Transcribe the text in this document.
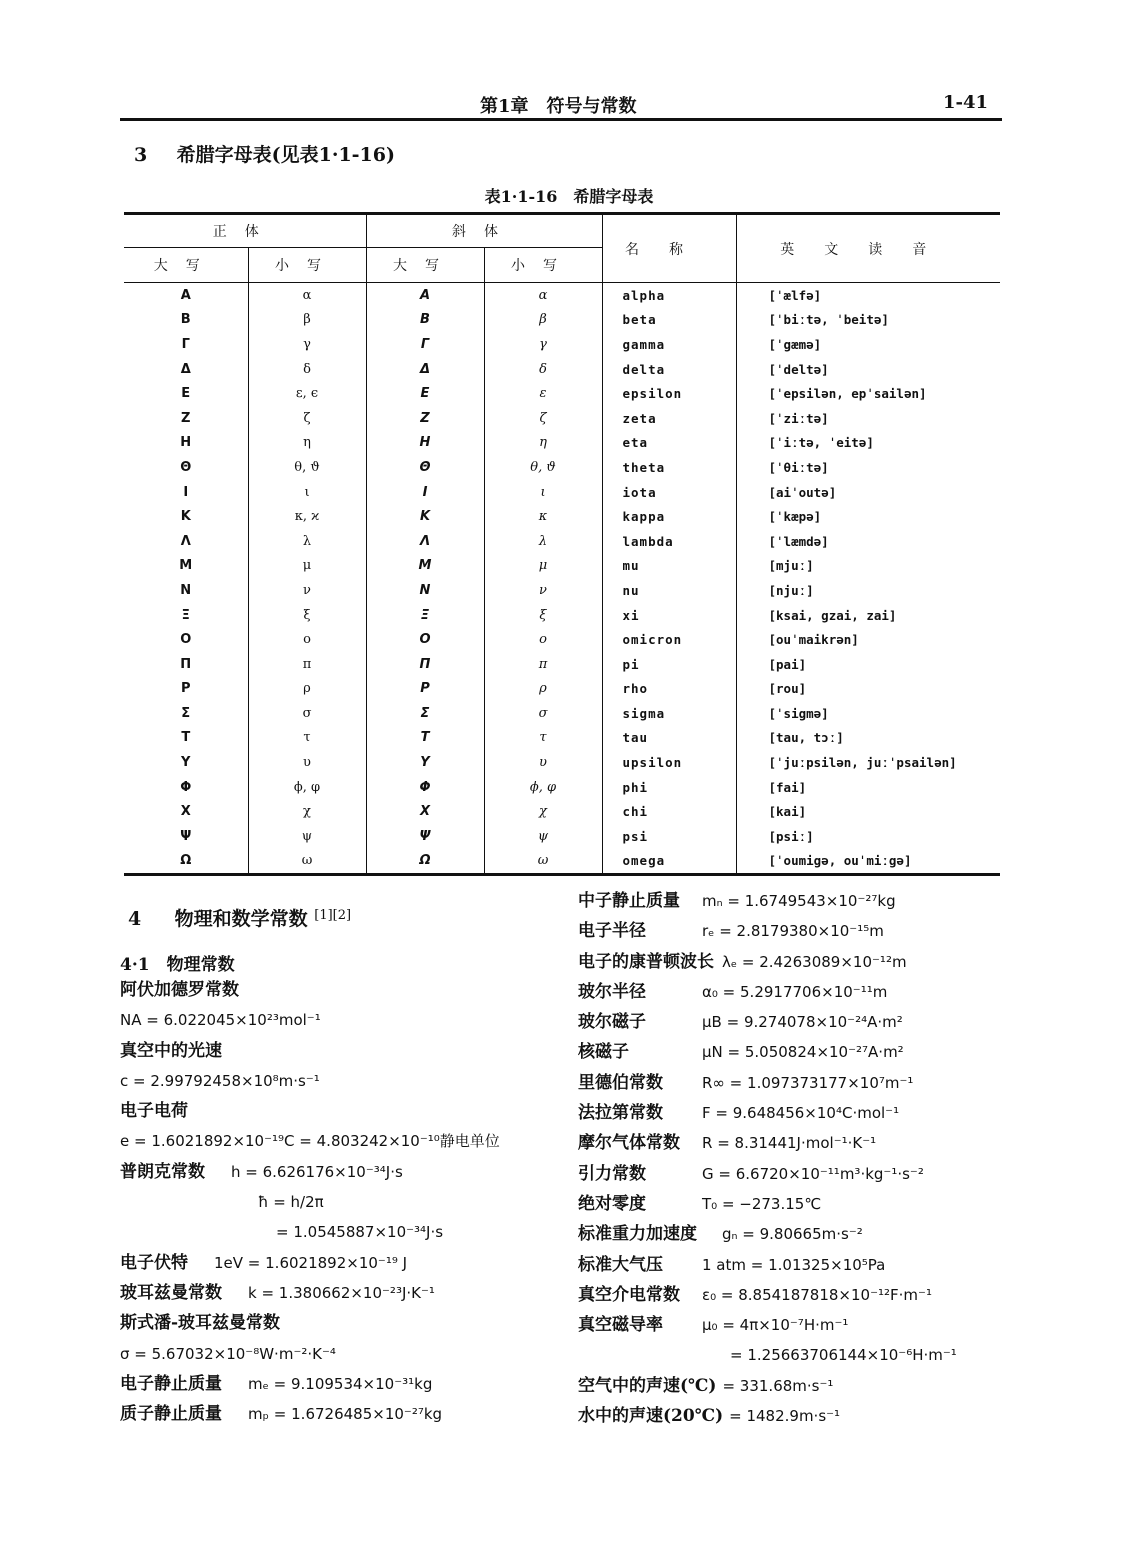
第1章　符号与常数	1-41
3 希腊字母表(见表1·1-16)
表1·1-16　希腊字母表
正体		斜体		名称	英文读音
大写	小写	大写	小写		
Α	α	Α	α	alpha	[ˈælfə]
Β	β	Β	β	beta	[ˈbiːtə, ˈbeitə]
Γ	γ	Γ	γ	gamma	[ˈgæmə]
Δ	δ	Δ	δ	delta	[ˈdeltə]
Ε	ε, ϵ	Ε	ε	epsilon	[ˈepsilən, epˈsailən]
Ζ	ζ	Ζ	ζ	zeta	[ˈziːtə]
Η	η	Η	η	eta	[ˈiːtə, ˈeitə]
Θ	θ, ϑ	Θ	θ, ϑ	theta	[ˈθiːtə]
Ι	ι	Ι	ι	iota	[aiˈoutə]
Κ	κ, ϰ	Κ	κ	kappa	[ˈkæpə]
Λ	λ	Λ	λ	lambda	[ˈlæmdə]
Μ	μ	Μ	μ	mu	[mjuː]
Ν	ν	Ν	ν	nu	[njuː]
Ξ	ξ	Ξ	ξ	xi	[ksai, gzai, zai]
Ο	ο	Ο	ο	omicron	[ouˈmaikrən]
Π	π	Π	π	pi	[pai]
Ρ	ρ	Ρ	ρ	rho	[rou]
Σ	σ	Σ	σ	sigma	[ˈsigmə]
Τ	τ	Τ	τ	tau	[tau, tɔː]
Υ	υ	Υ	υ	upsilon	[ˈjuːpsilən, juːˈpsailən]
Φ	ϕ, φ	Φ	ϕ, φ	phi	[fai]
Χ	χ	Χ	χ	chi	[kai]
Ψ	ψ	Ψ	ψ	psi	[psiː]
Ω	ω	Ω	ω	omega	[ˈoumigə, ouˈmiːgə]
4 物理和数学常数 [1][2]
4·1　物理常数
阿伏加德罗常数
NA = 6.022045×10²³mol⁻¹
真空中的光速
c = 2.99792458×10⁸m·s⁻¹
电子电荷
e = 1.6021892×10⁻¹⁹C = 4.803242×10⁻¹⁰静电单位
普朗克常数 h = 6.626176×10⁻³⁴J·s
ħ = h/2π
= 1.0545887×10⁻³⁴J·s
电子伏特 1eV = 1.6021892×10⁻¹⁹ J
玻耳兹曼常数 k = 1.380662×10⁻²³J·K⁻¹
斯式潘-玻耳兹曼常数
σ = 5.67032×10⁻⁸W·m⁻²·K⁻⁴
电子静止质量 mₑ = 9.109534×10⁻³¹kg
质子静止质量 mₚ = 1.6726485×10⁻²⁷kg
中子静止质量 mₙ = 1.6749543×10⁻²⁷kg
电子半径	rₑ = 2.8179380×10⁻¹⁵m
电子的康普顿波长 λₑ = 2.4263089×10⁻¹²m
玻尔半径	α₀ = 5.2917706×10⁻¹¹m
玻尔磁子	μB = 9.274078×10⁻²⁴A·m²
核磁子	μN = 5.050824×10⁻²⁷A·m²
里德伯常数	R∞ = 1.097373177×10⁷m⁻¹
法拉第常数	F = 9.648456×10⁴C·mol⁻¹
摩尔气体常数 R = 8.31441J·mol⁻¹·K⁻¹
引力常数	G = 6.6720×10⁻¹¹m³·kg⁻¹·s⁻²
绝对零度	T₀ = −273.15℃
标准重力加速度 gₙ = 9.80665m·s⁻²
标准大气压	1 atm = 1.01325×10⁵Pa
真空介电常数 ε₀ = 8.854187818×10⁻¹²F·m⁻¹
真空磁导率	μ₀ = 4π×10⁻⁷H·m⁻¹
= 1.25663706144×10⁻⁶H·m⁻¹
空气中的声速(℃) = 331.68m·s⁻¹
水中的声速(20℃) = 1482.9m·s⁻¹
